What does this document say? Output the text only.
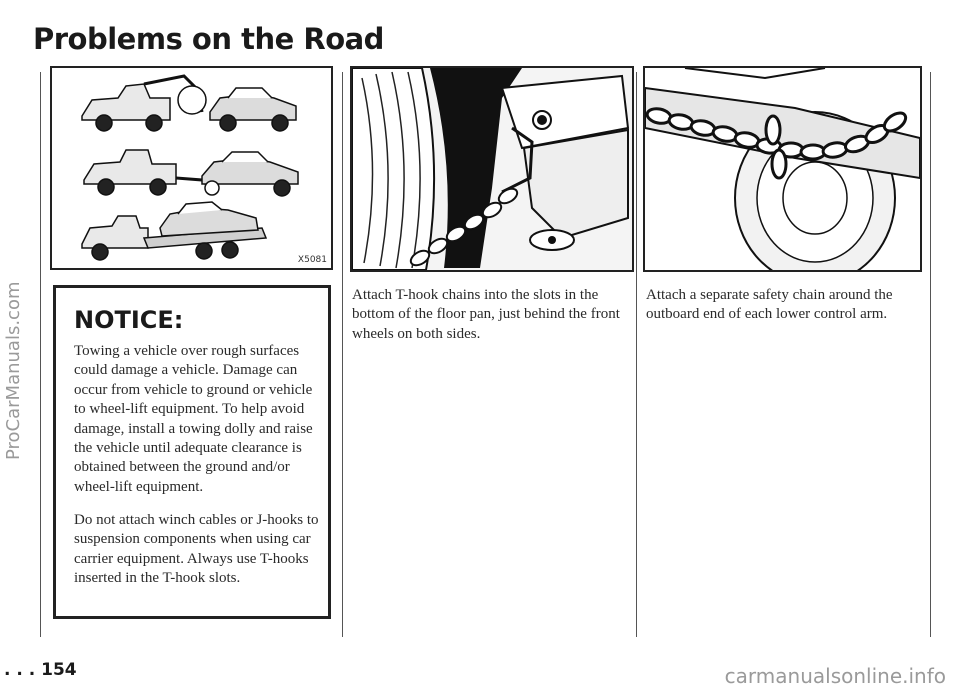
Problems on the Road
X5081
NOTICE:

Towing a vehicle over rough surfaces could damage a vehicle. Damage can occur from vehicle to ground or vehicle to wheel-lift equipment. To help avoid damage, install a towing dolly and raise the vehicle until adequate clearance is obtained between the ground and/or wheel-lift equipment.

Do not attach winch cables or J-hooks to suspension components when using car carrier equipment. Always use T-hooks inserted in the T-hook slots.

Attach T-hook chains into the slots in the bottom of the floor pan, just behind the front wheels on both sides.

Attach a separate safety chain around the outboard end of each lower control arm.

. . . 154
ProCarManuals.com
carmanualsonline.info
